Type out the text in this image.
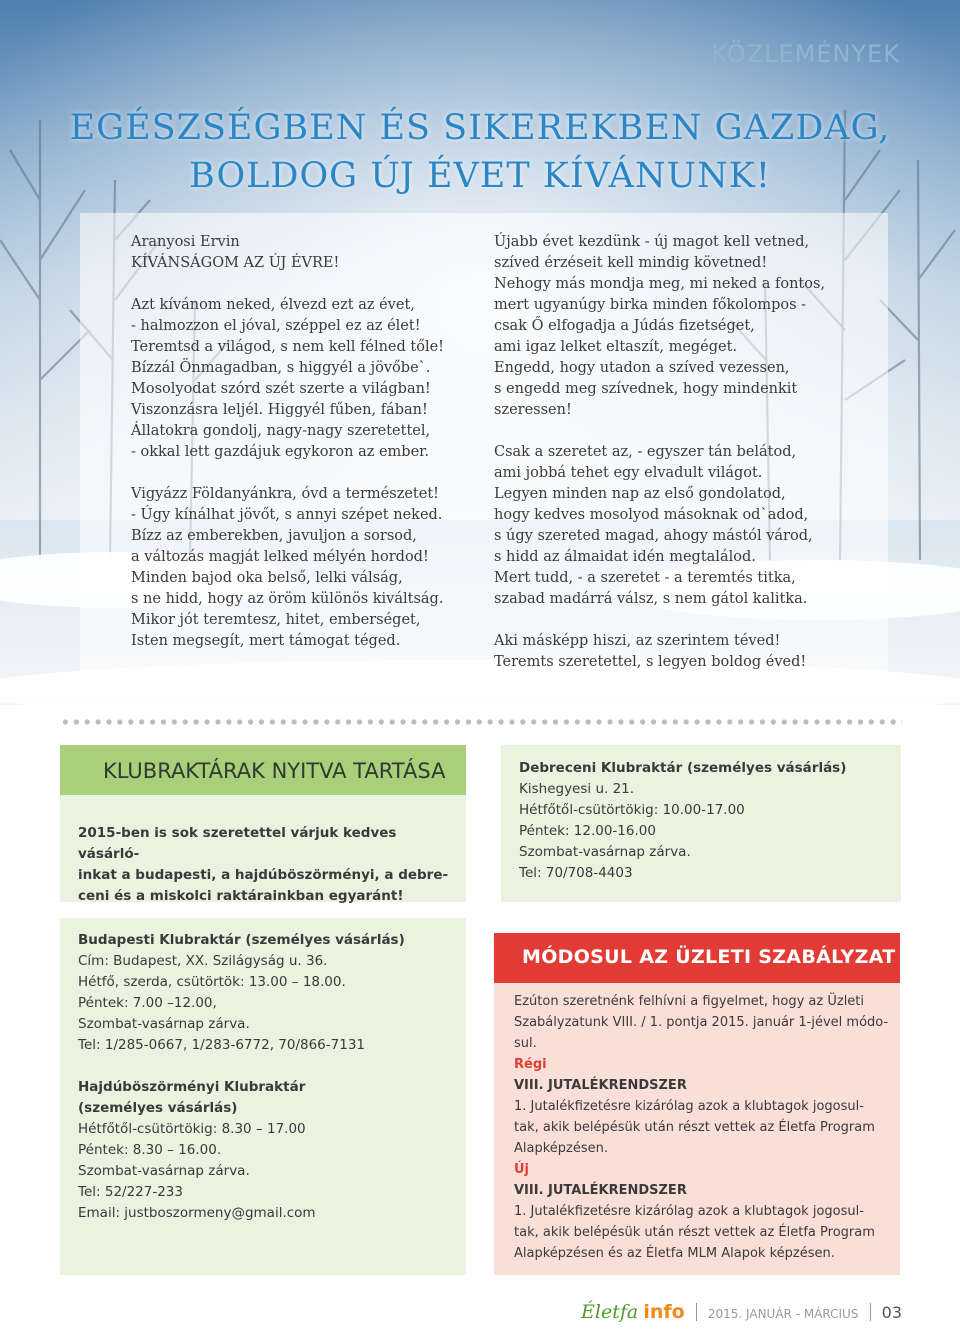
KÖZLEMÉNYEK
EGÉSZSÉGBEN ÉS SIKEREKBEN GAZDAG,
BOLDOG ÚJ ÉVET KÍVÁNUNK!
Aranyosi Ervin
KÍVÁNSÁGOM AZ ÚJ ÉVRE!
Azt kívánom neked, élvezd ezt az évet,
- halmozzon el jóval, széppel ez az élet!
Teremtsd a világod, s nem kell félned tőle!
Bízzál Önmagadban, s higgyél a jövőbe`.
Mosolyodat szórd szét szerte a világban!
Viszonzásra leljél. Higgyél fűben, fában!
Állatokra gondolj, nagy-nagy szeretettel,
- okkal lett gazdájuk egykoron az ember.
Vigyázz Földanyánkra, óvd a természetet!
- Úgy kínálhat jövőt, s annyi szépet neked.
Bízz az emberekben, javuljon a sorsod,
a változás magját lelked mélyén hordod!
Minden bajod oka belső, lelki válság,
s ne hidd, hogy az öröm különös kiváltság.
Mikor jót teremtesz, hitet, emberséget,
Isten megsegít, mert támogat téged.
Újabb évet kezdünk - új magot kell vetned,
szíved érzéseit kell mindig követned!
Nehogy más mondja meg, mi neked a fontos,
mert ugyanúgy birka minden főkolompos -
csak Ő elfogadja a Júdás fizetséget,
ami igaz lelket eltaszít, megéget.
Engedd, hogy utadon a szíved vezessen,
s engedd meg szívednek, hogy mindenkit
szeressen!
Csak a szeretet az, - egyszer tán belátod,
ami jobbá tehet egy elvadult világot.
Legyen minden nap az első gondolatod,
hogy kedves mosolyod másoknak od`adod,
s úgy szereted magad, ahogy mástól várod,
s hidd az álmaidat idén megtalálod.
Mert tudd, - a szeretet - a teremtés titka,
szabad madárrá válsz, s nem gátol kalitka.
Aki másképp hiszi, az szerintem téved!
Teremts szeretettel, s legyen boldog éved!
KLUBRAKTÁRAK NYITVA TARTÁSA
2015-ben is sok szeretettel várjuk kedves vásárló-
inkat a budapesti, a hajdúböszörményi, a debre-
ceni és a miskolci raktárainkban egyaránt!
Debreceni Klubraktár (személyes vásárlás)
Kishegyesi u. 21.
Hétfőtől-csütörtökig: 10.00-17.00
Péntek: 12.00-16.00
Szombat-vasárnap zárva.
Tel: 70/708-4403
Budapesti Klubraktár (személyes vásárlás)
Cím: Budapest, XX. Szilágyság u. 36.
Hétfő, szerda, csütörtök: 13.00 – 18.00.
Péntek: 7.00 –12.00,
Szombat-vasárnap zárva.
Tel: 1/285-0667, 1/283-6772, 70/866-7131
Hajdúböszörményi Klubraktár
(személyes vásárlás)
Hétfőtől-csütörtökig: 8.30 – 17.00
Péntek: 8.30 – 16.00.
Szombat-vasárnap zárva.
Tel: 52/227-233
Email: justboszormeny@gmail.com
MÓDOSUL AZ ÜZLETI SZABÁLYZAT
Ezúton szeretnénk felhívni a figyelmet, hogy az Üzleti
Szabályzatunk VIII. / 1. pontja 2015. január 1-jével módo-
sul.
Régi
VIII. JUTALÉKRENDSZER
1. Jutalékfizetésre kizárólag azok a klubtagok jogosul-
tak, akik belépésük után részt vettek az Életfa Program
Alapképzésen.
Új
VIII. JUTALÉKRENDSZER
1. Jutalékfizetésre kizárólag azok a klubtagok jogosul-
tak, akik belépésük után részt vettek az Életfa Program
Alapképzésen és az Életfa MLM Alapok képzésen.
Életfa info 2015. JANUÁR - MÁRCIUS 03
